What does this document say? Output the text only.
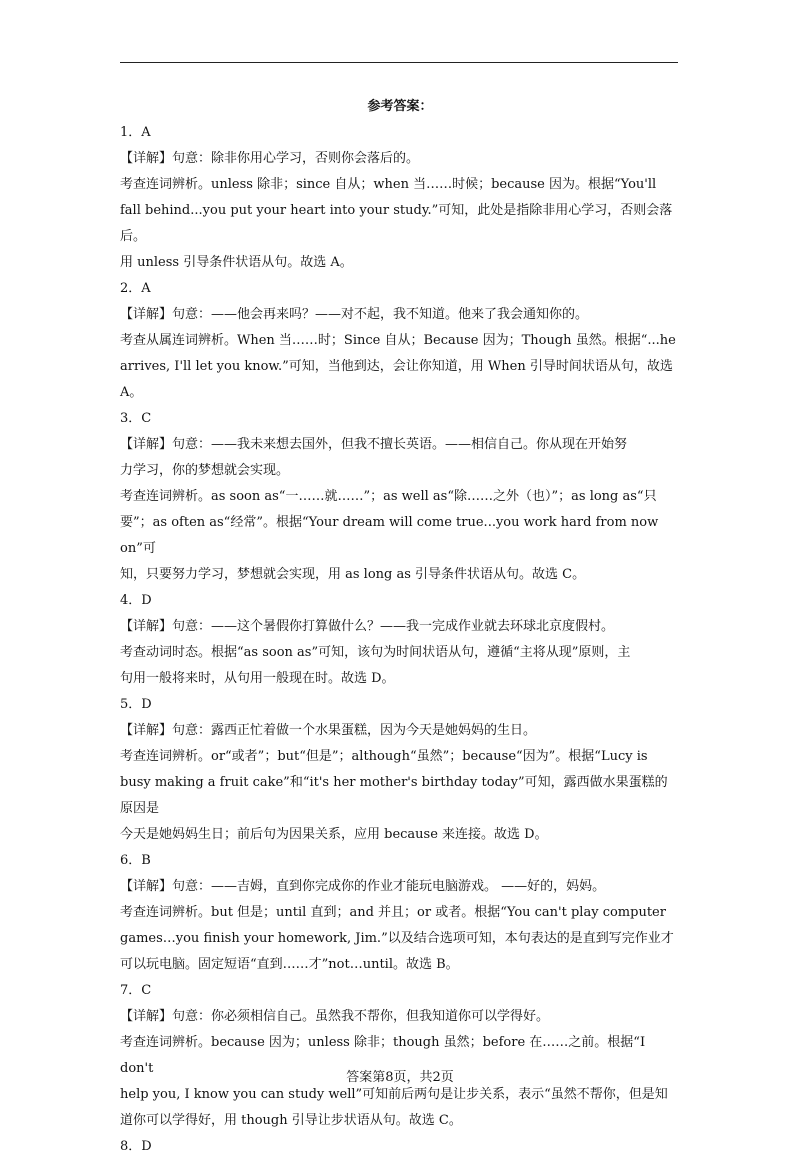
参考答案：
1．A
【详解】句意：除非你用心学习，否则你会落后的。
考查连词辨析。unless 除非；since 自从；when 当……时候；because 因为。根据“You'll
fall behind...you put your heart into your study.”可知，此处是指除非用心学习，否则会落后。
用 unless 引导条件状语从句。故选 A。
2．A
【详解】句意：——他会再来吗？——对不起，我不知道。他来了我会通知你的。
考查从属连词辨析。When 当……时；Since 自从；Because 因为；Though 虽然。根据“...he
arrives, I'll let you know.”可知，当他到达，会让你知道，用 When 引导时间状语从句，故选
A。
3．C
【详解】句意：——我未来想去国外，但我不擅长英语。——相信自己。你从现在开始努
力学习，你的梦想就会实现。
考查连词辨析。as soon as“一……就……”；as well as“除……之外（也）”；as long as“只
要”；as often as“经常”。根据“Your dream will come true...you work hard from now on”可
知，只要努力学习，梦想就会实现，用 as long as 引导条件状语从句。故选 C。
4．D
【详解】句意：——这个暑假你打算做什么？——我一完成作业就去环球北京度假村。
考查动词时态。根据“as soon as”可知，该句为时间状语从句，遵循“主将从现”原则，主
句用一般将来时，从句用一般现在时。故选 D。
5．D
【详解】句意：露西正忙着做一个水果蛋糕，因为今天是她妈妈的生日。
考查连词辨析。or“或者”；but“但是”；although“虽然”；because“因为”。根据“Lucy is
busy making a fruit cake”和“it's her mother's birthday today”可知，露西做水果蛋糕的原因是
今天是她妈妈生日；前后句为因果关系，应用 because 来连接。故选 D。
6．B
【详解】句意：——吉姆，直到你完成你的作业才能玩电脑游戏。 ——好的，妈妈。
考查连词辨析。but 但是；until 直到；and 并且；or 或者。根据“You can't play computer
games…you finish your homework, Jim.”以及结合选项可知，本句表达的是直到写完作业才
可以玩电脑。固定短语“直到……才”not…until。故选 B。
7．C
【详解】句意：你必须相信自己。虽然我不帮你，但我知道你可以学得好。
考查连词辨析。because 因为；unless 除非；though 虽然；before 在……之前。根据“I don't
help you, I know you can study well”可知前后两句是让步关系，表示“虽然不帮你，但是知
道你可以学得好，用 though 引导让步状语从句。故选 C。
8．D
答案第8页，共2页
